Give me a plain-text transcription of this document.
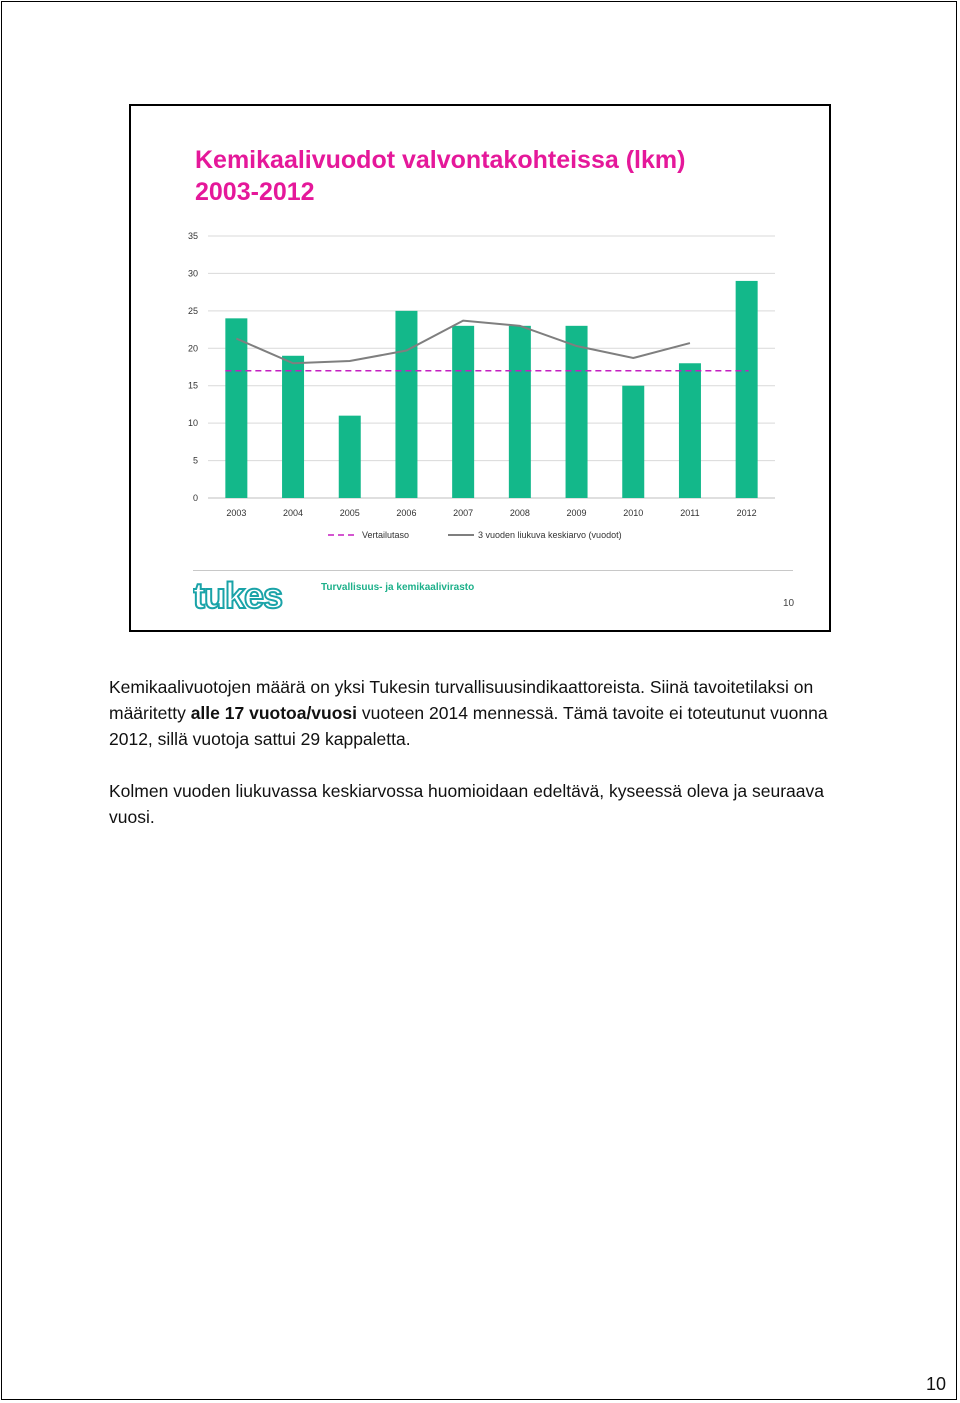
Kemikaalivuodot valvontakohteissa (lkm)
2003-2012
0
5
10
15
20
25
30
35
2003	2004	2005	2006	2007	2008	2009	2010	2011	2012
Vertailutaso	3 vuoden liukuva keskiarvo (vuodot)
tukes	Turvallisuus- ja kemikaalivirasto
10

Kemikaalivuotojen määrä on yksi Tukesin turvallisuusindikaattoreista. Siinä tavoitetilaksi on määritetty alle 17 vuotoa/vuosi vuoteen 2014 mennessä. Tämä tavoite ei toteutunut vuonna 2012, sillä vuotoja sattui 29 kappaletta.

Kolmen vuoden liukuvassa keskiarvossa huomioidaan edeltävä, kyseessä oleva ja seuraava vuosi.

10
